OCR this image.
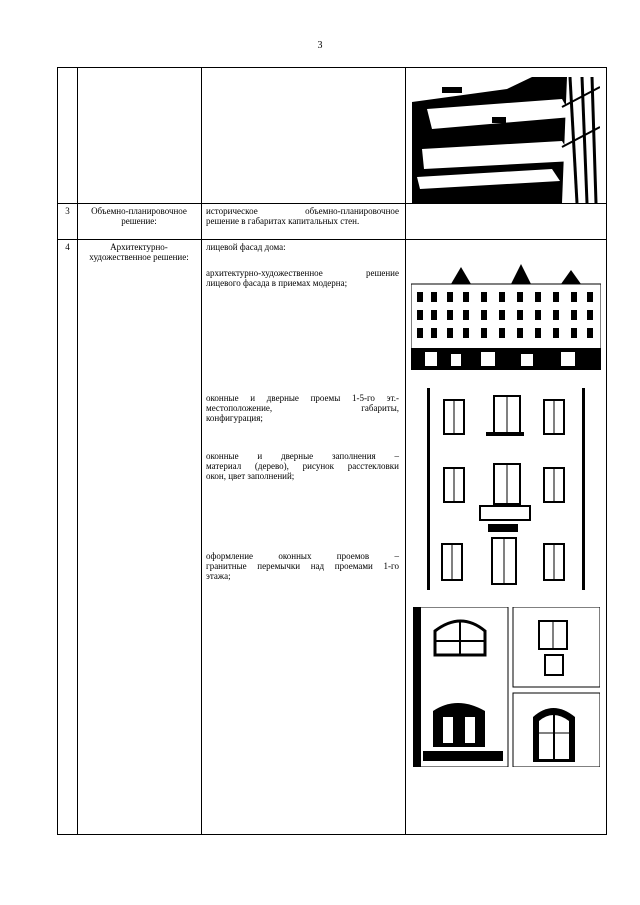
3
3	Объемно-планировочное решение:
историческое объемно-планировочное
решение в габаритах капитальных стен.
4	Архитектурно-художественное решение:
лицевой фасад дома:
архитектурно-художественное решение
лицевого фасада в приемах модерна;
оконные и дверные проемы 1-5-го эт.-
местоположение, габариты,
конфигурация;
оконные и дверные заполнения –
материал (дерево), рисунок расстекловки
окон, цвет заполнений;
оформление оконных проемов –
гранитные перемычки над проемами 1-го
этажа;
